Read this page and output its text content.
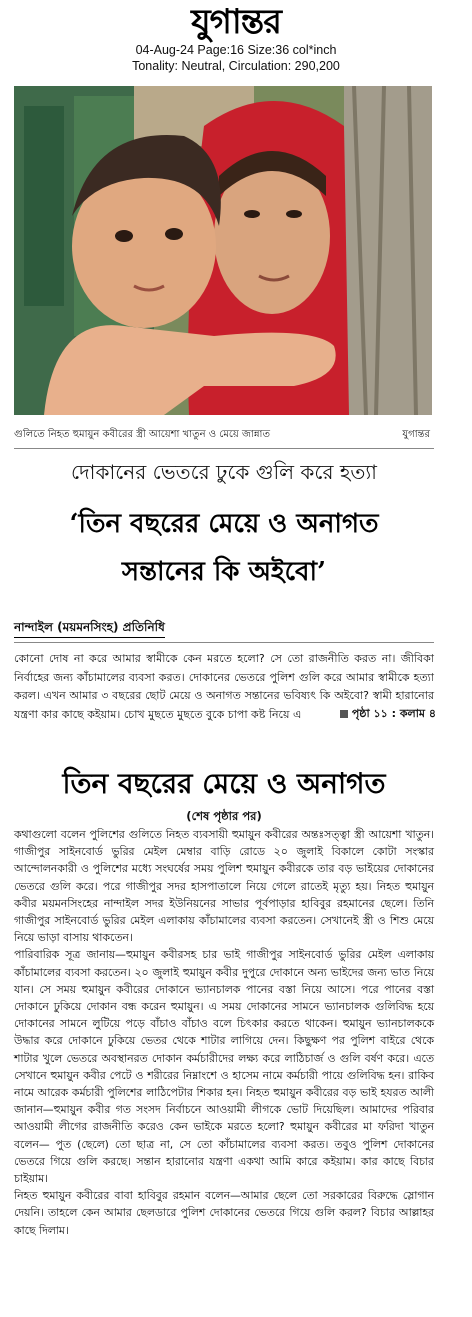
যুগান্তর
04-Aug-24 Page:16 Size:36 col*inch
Tonality: Neutral, Circulation: 290,200
গুলিতে নিহত হুমায়ুন কবীরের স্ত্রী আয়েশা খাতুন ও মেয়ে জান্নাত	যুগান্তর
দোকানের ভেতরে ঢুকে গুলি করে হত্যা
‘তিন বছরের মেয়ে ও অনাগত
সন্তানের কি অইবো’
নান্দাইল (ময়মনসিংহ) প্রতিনিধি
কোনো দোষ না করে আমার স্বামীকে কেন মরতে হলো? সে তো রাজনীতি করত না। জীবিকা নির্বাহের জন্য কাঁচামালের ব্যবসা করত। দোকানের ভেতরে পুলিশ গুলি করে আমার স্বামীকে হত্যা করল। এখন আমার ৩ বছরের ছোট মেয়ে ও অনাগত সন্তানের ভবিষ্যৎ কি অইবো? স্বামী হারানোর যন্ত্রণা কার কাছে কইয়াম। চোখ মুছতে মুছতে বুকে চাপা কষ্ট নিয়ে এ	পৃষ্ঠা ১১ : কলাম ৪
তিন বছরের মেয়ে ও অনাগত
(শেষ পৃষ্ঠার পর)

কথাগুলো বলেন পুলিশের গুলিতে নিহত ব্যবসায়ী হুমায়ুন কবীরের অন্তঃসত্ত্বা স্ত্রী আয়েশা খাতুন। গাজীপুর সাইনবোর্ড ভুরির মেইল মেম্বার বাড়ি রোডে ২০ জুলাই বিকালে কোটা সংস্কার আন্দোলনকারী ও পুলিশের মধ্যে সংঘর্ষের সময় পুলিশ হুমায়ুন কবীরকে তার বড় ভাইয়ের দোকানের ভেতরে গুলি করে। পরে গাজীপুর সদর হাসপাতালে নিয়ে গেলে রাতেই মৃত্যু হয়। নিহত হুমায়ুন কবীর ময়মনসিংহের নান্দাইল সদর ইউনিয়নের সাভার পূর্বপাড়ার হাবিবুর রহমানের ছেলে। তিনি গাজীপুর সাইনবোর্ড ভুরির মেইল এলাকায় কাঁচামালের ব্যবসা করতেন। সেখানেই স্ত্রী ও শিশু মেয়ে নিয়ে ভাড়া বাসায় থাকতেন।

পারিবারিক সূত্র জানায়—হুমায়ুন কবীরসহ চার ভাই গাজীপুর সাইনবোর্ড ভুরির মেইল এলাকায় কাঁচামালের ব্যবসা করতেন। ২০ জুলাই হুমায়ুন কবীর দুপুরে দোকানে অন্য ভাইদের জন্য ভাত নিয়ে যান। সে সময় হুমায়ুন কবীরের দোকানে ভ্যানচালক পানের বস্তা নিয়ে আসে। পরে পানের বস্তা দোকানে ঢুকিয়ে দোকান বন্ধ করেন হুমায়ুন। এ সময় দোকানের সামনে ভ্যানচালক গুলিবিদ্ধ হয়ে দোকানের সামনে লুটিয়ে পড়ে বাঁচাও বাঁচাও বলে চিৎকার করতে থাকেন। হুমায়ুন ভ্যানচালককে উদ্ধার করে দোকানে ঢুকিয়ে ভেতর থেকে শাটার লাগিয়ে দেন। কিছুক্ষণ পর পুলিশ বাইরে থেকে শাটার খুলে ভেতরে অবস্থানরত দোকান কর্মচারীদের লক্ষ্য করে লাঠিচার্জ ও গুলি বর্ষণ করে। এতে সেখানে হুমায়ুন কবীর পেটে ও শরীরের নিম্নাংশে ও হাসেম নামে কর্মচারী পায়ে গুলিবিদ্ধ হন। রাকিব নামে আরেক কর্মচারী পুলিশের লাঠিপেটার শিকার হন। নিহত হুমায়ুন কবীরের বড় ভাই হযরত আলী জানান—হুমায়ুন কবীর গত সংসদ নির্বাচনে আওয়ামী লীগকে ভোট দিয়েছিল। আমাদের পরিবার আওয়ামী লীগের রাজনীতি করেও কেন ভাইকে মরতে হলো? হুমায়ুন কবীরের মা ফরিদা খাতুন বলেন— পুত (ছেলে) তো ছাত্র না, সে তো কাঁচামালের ব্যবসা করত। তবুও পুলিশ দোকানের ভেতরে গিয়ে গুলি করছে। সন্তান হারানোর যন্ত্রণা একথা আমি কারে কইয়াম। কার কাছে বিচার চাইয়াম।

নিহত হুমায়ুন কবীরের বাবা হাবিবুর রহমান বলেন—আমার ছেলে তো সরকারের বিরুদ্ধে স্লোগান দেয়নি। তাহলে কেন আমার ছেলডারে পুলিশ দোকানের ভেতরে গিয়ে গুলি করল? বিচার আল্লাহর কাছে দিলাম।
